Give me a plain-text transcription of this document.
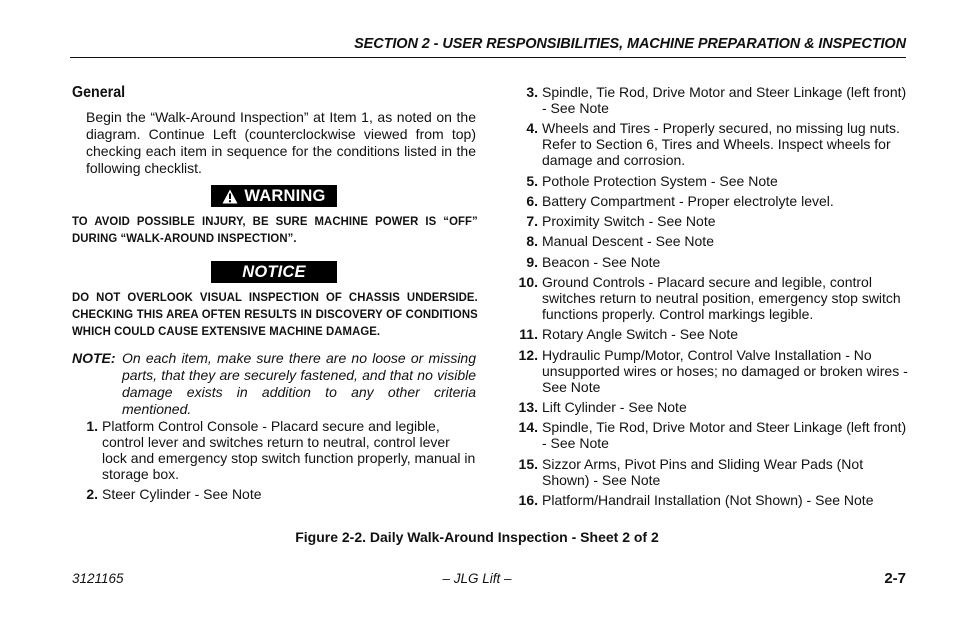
SECTION 2 - USER RESPONSIBILITIES, MACHINE PREPARATION & INSPECTION
General

Begin the “Walk-Around Inspection” at Item 1, as noted on the diagram. Continue Left (counterclockwise viewed from top) checking each item in sequence for the conditions listed in the following checklist.

WARNING

TO AVOID POSSIBLE INJURY, BE SURE MACHINE POWER IS “OFF” DURING “WALK-AROUND INSPECTION”.

NOTICE

DO NOT OVERLOOK VISUAL INSPECTION OF CHASSIS UNDERSIDE. CHECKING THIS AREA OFTEN RESULTS IN DISCOVERY OF CONDITIONS WHICH COULD CAUSE EXTENSIVE MACHINE DAMAGE.

NOTE: On each item, make sure there are no loose or missing parts, that they are securely fastened, and that no visible damage exists in addition to any other criteria mentioned.
1. Platform Control Console - Placard secure and legible, control lever and switches return to neutral, control lever lock and emergency stop switch function properly, manual in storage box.
2. Steer Cylinder - See Note
3. Spindle, Tie Rod, Drive Motor and Steer Linkage (left front) - See Note
4. Wheels and Tires - Properly secured, no missing lug nuts. Refer to Section 6, Tires and Wheels. Inspect wheels for damage and corrosion.
5. Pothole Protection System - See Note
6. Battery Compartment - Proper electrolyte level.
7. Proximity Switch - See Note
8. Manual Descent - See Note
9. Beacon - See Note
10. Ground Controls - Placard secure and legible, control switches return to neutral position, emergency stop switch functions properly. Control markings legible.
11. Rotary Angle Switch - See Note
12. Hydraulic Pump/Motor, Control Valve Installation - No unsupported wires or hoses; no damaged or broken wires - See Note
13. Lift Cylinder - See Note
14. Spindle, Tie Rod, Drive Motor and Steer Linkage (left front) - See Note
15. Sizzor Arms, Pivot Pins and Sliding Wear Pads (Not Shown) - See Note
16. Platform/Handrail Installation (Not Shown) - See Note
Figure 2-2. Daily Walk-Around Inspection - Sheet 2 of 2
3121165	– JLG Lift –	2-7
